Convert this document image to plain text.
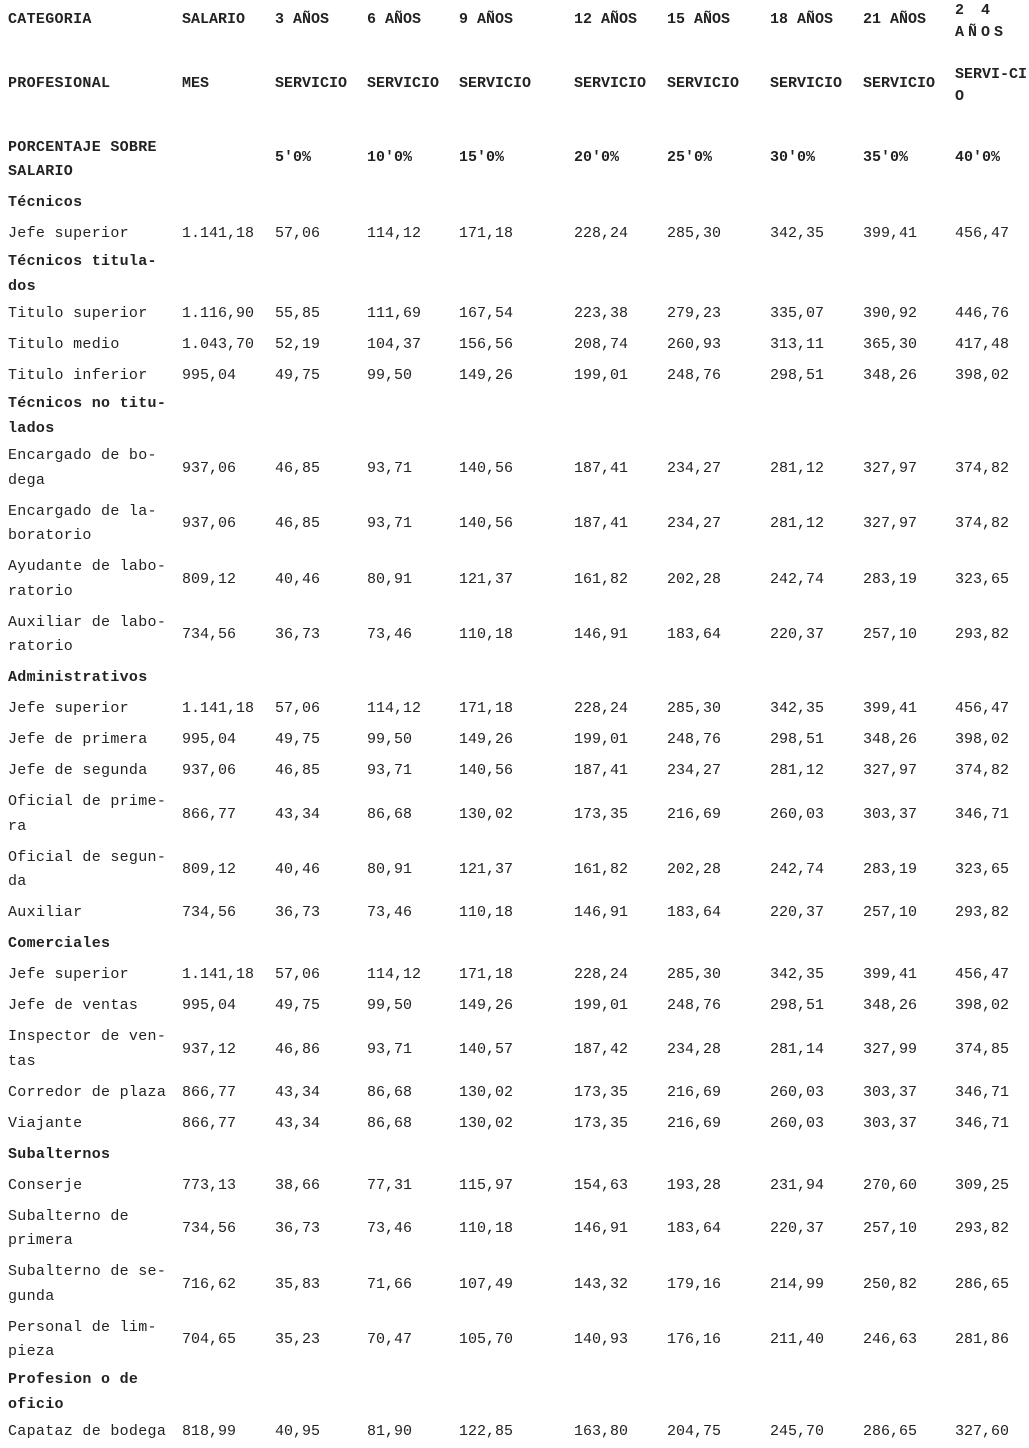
CATEGORIA	SALARIO	3 AÑOS	6 AÑOS	9 AÑOS	12 AÑOS	15 AÑOS	18 AÑOS	21 AÑOS	2 4 AÑOS
PROFESIONAL	MES	SERVICIO	SERVICIO	SERVICIO	SERVICIO	SERVICIO	SERVICIO	SERVICIO	SERVI-CIO
PORCENTAJE SOBRE SALARIO		5'0%	10'0%	15'0%	20'0%	25'0%	30'0%	35'0%	40'0%
Técnicos									
Jefe superior	1.141,18	57,06	114,12	171,18	228,24	285,30	342,35	399,41	456,47
Técnicos titula-dos									
Titulo superior	1.116,90	55,85	111,69	167,54	223,38	279,23	335,07	390,92	446,76
Titulo medio	1.043,70	52,19	104,37	156,56	208,74	260,93	313,11	365,30	417,48
Titulo inferior	995,04	49,75	99,50	149,26	199,01	248,76	298,51	348,26	398,02
Técnicos no titu-lados									
Encargado de bo-dega	937,06	46,85	93,71	140,56	187,41	234,27	281,12	327,97	374,82
Encargado de la-boratorio	937,06	46,85	93,71	140,56	187,41	234,27	281,12	327,97	374,82
Ayudante de labo-ratorio	809,12	40,46	80,91	121,37	161,82	202,28	242,74	283,19	323,65
Auxiliar de labo-ratorio	734,56	36,73	73,46	110,18	146,91	183,64	220,37	257,10	293,82
Administrativos									
Jefe superior	1.141,18	57,06	114,12	171,18	228,24	285,30	342,35	399,41	456,47
Jefe de primera	995,04	49,75	99,50	149,26	199,01	248,76	298,51	348,26	398,02
Jefe de segunda	937,06	46,85	93,71	140,56	187,41	234,27	281,12	327,97	374,82
Oficial de prime-ra	866,77	43,34	86,68	130,02	173,35	216,69	260,03	303,37	346,71
Oficial de segun-da	809,12	40,46	80,91	121,37	161,82	202,28	242,74	283,19	323,65
Auxiliar	734,56	36,73	73,46	110,18	146,91	183,64	220,37	257,10	293,82
Comerciales									
Jefe superior	1.141,18	57,06	114,12	171,18	228,24	285,30	342,35	399,41	456,47
Jefe de ventas	995,04	49,75	99,50	149,26	199,01	248,76	298,51	348,26	398,02
Inspector de ven-tas	937,12	46,86	93,71	140,57	187,42	234,28	281,14	327,99	374,85
Corredor de plaza	866,77	43,34	86,68	130,02	173,35	216,69	260,03	303,37	346,71
Viajante	866,77	43,34	86,68	130,02	173,35	216,69	260,03	303,37	346,71
Subalternos									
Conserje	773,13	38,66	77,31	115,97	154,63	193,28	231,94	270,60	309,25
Subalterno de primera	734,56	36,73	73,46	110,18	146,91	183,64	220,37	257,10	293,82
Subalterno de se-gunda	716,62	35,83	71,66	107,49	143,32	179,16	214,99	250,82	286,65
Personal de lim-pieza	704,65	35,23	70,47	105,70	140,93	176,16	211,40	246,63	281,86
Profesion o de oficio									
Capataz de bodega	818,99	40,95	81,90	122,85	163,80	204,75	245,70	286,65	327,60
